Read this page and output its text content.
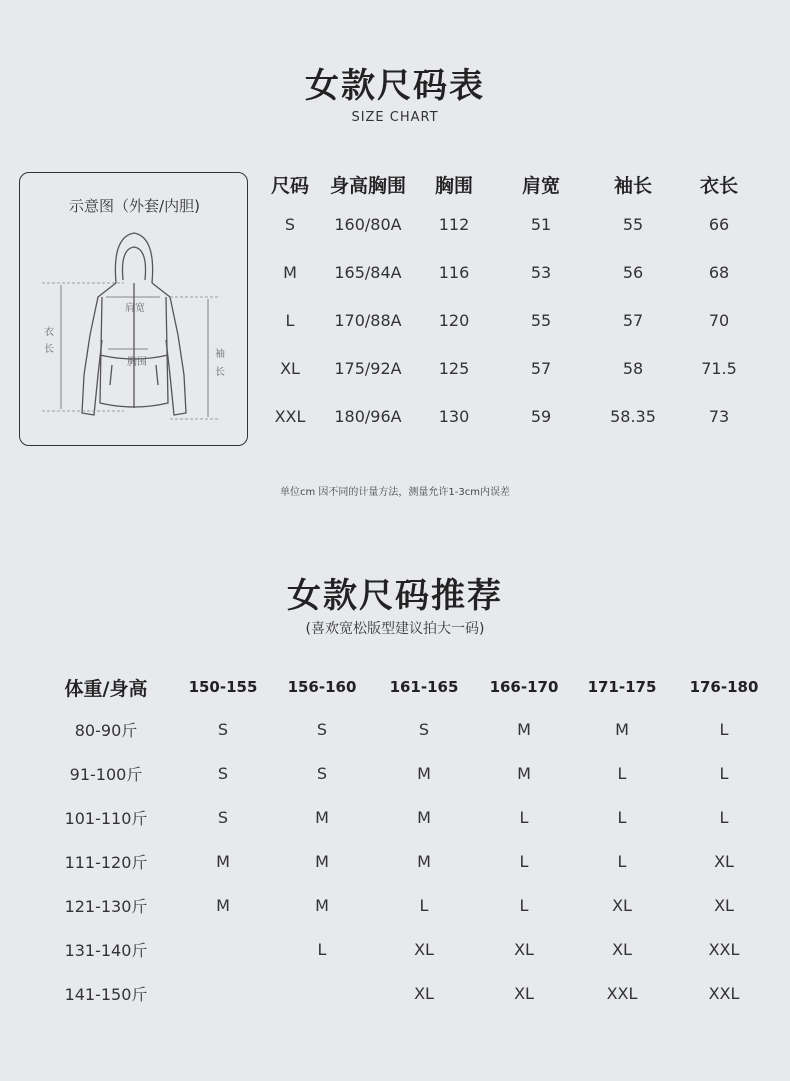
女款尺码表
SIZE CHART
示意图（外套/内胆)
衣
长
肩宽
胸围
袖
长
尺码	身高胸围	胸围	肩宽	袖长	衣长
S	160/80A	112	51	55	66
M	165/84A	116	53	56	68
L	170/88A	120	55	57	70
XL	175/92A	125	57	58	71.5
XXL	180/96A	130	59	58.35	73
单位cm 因不同的计量方法，测量允许1-3cm内误差
女款尺码推荐
(喜欢宽松版型建议拍大一码)
体重/身高	150-155	156-160	161-165	166-170	171-175	176-180
80-90斤	S	S	S	M	M	L
91-100斤	S	S	M	M	L	L
101-110斤	S	M	M	L	L	L
111-120斤	M	M	M	L	L	XL
121-130斤	M	M	L	L	XL	XL
131-140斤		L	XL	XL	XL	XXL
141-150斤			XL	XL	XXL	XXL
